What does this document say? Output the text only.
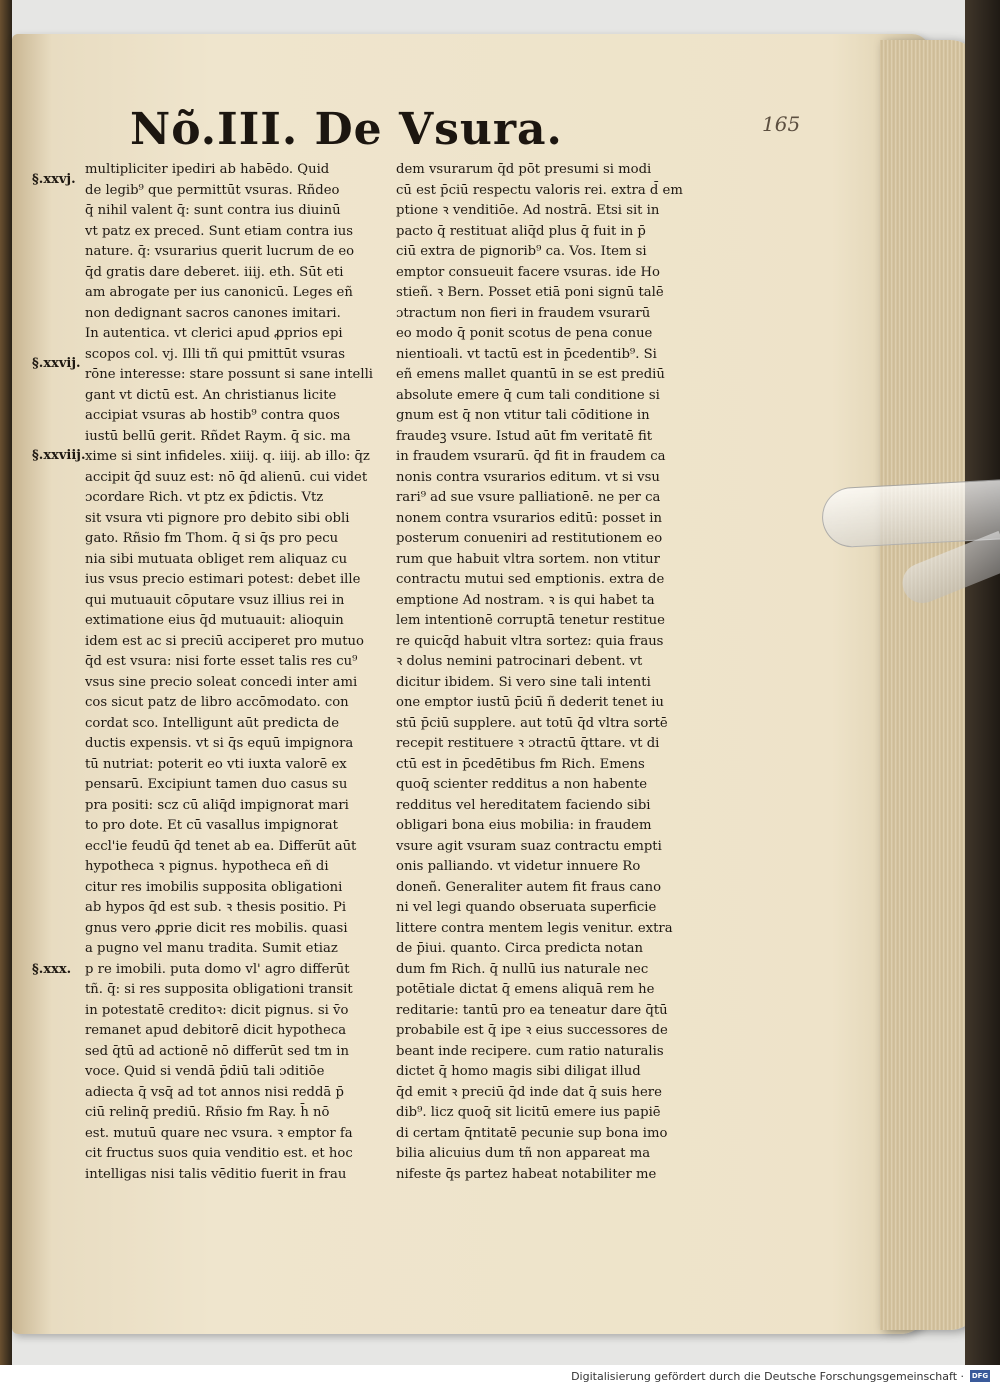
Nõ.III. De Vsura.	165
§.xxvj.
§.xxvij.
§.xxviij.
§.xxx.
multipliciter ipediri ab habēdo. Quid
de legib⁹ que permittūt vsuras. Rñdeo
q̄ nihil valent q̄: sunt contra ius diuinū
vt patz ex preced. Sunt etiam contra ius
nature. q̄: vsurarius querit lucrum de eo
q̄d gratis dare deberet. iiij. eth. Sūt eti
am abrogate per ius canonicū. Leges eñ
non dedignant sacros canones imitari.
In autentica. vt clerici apud ꝓprios epi
scopos col. vj. Illi tñ qui pmittūt vsuras
rōne interesse: stare possunt si sane intelli
gant vt dictū est. An christianus licite
accipiat vsuras ab hostib⁹ contra quos
iustū bellū gerit. Rñdet Raym. q̄ sic. ma
xime si sint infideles. xiiij. q. iiij. ab illo: q̄z
accipit q̄d suuz est: nō q̄d alienū. cui videt
ɔcordare Rich. vt ptz ex p̄dictis. Vtz
sit vsura vti pignore pro debito sibi obli
gato. Rñsio fm Thom. q̄ si q̄s pro pecu
nia sibi mutuata obliget rem aliquaz cu
ius vsus precio estimari potest: debet ille
qui mutuauit cōputare vsuz illius rei in
extimatione eius q̄d mutuauit: alioquin
idem est ac si preciū acciperet pro mutuo
q̄d est vsura: nisi forte esset talis res cu⁹
vsus sine precio soleat concedi inter ami
cos sicut patz de libro accōmodato. con
cordat sco. Intelligunt aūt predicta de
ductis expensis. vt si q̄s equū impignora
tū nutriat: poterit eo vti iuxta valorē ex
pensarū. Excipiunt tamen duo casus su
pra positi: scz cū aliq̄d impignorat mari
to pro dote. Et cū vasallus impignorat
eccl'ie feudū q̄d tenet ab ea. Differūt aūt
hypotheca ꝛ pignus. hypotheca eñ di
citur res imobilis supposita obligationi
ab hypos q̄d est sub. ꝛ thesis positio. Pi
gnus vero ꝓprie dicit res mobilis. quasi
a pugno vel manu tradita. Sumit etiaz
p re imobili. puta domo vl' agro differūt
tñ. q̄: si res supposita obligationi transit
in potestatē creditoꝛ: dicit pignus. si v̄o
remanet apud debitorē dicit hypotheca
sed q̄tū ad actionē nō differūt sed tm in
voce. Quid si vendā p̄diū tali ɔditiōe
adiecta q̄ vsq̄ ad tot annos nisi reddā p̄
ciū relinq̄ prediū. Rñsio fm Ray. h̄ nō
est. mutuū quare nec vsura. ꝛ emptor fa
cit fructus suos quia venditio est. et hoc
intelligas nisi talis vēditio fuerit in frau
dem vsurarum q̄d pōt presumi si modi
cū est p̄ciū respectu valoris rei. extra d̄ em
ptione ꝛ venditiōe. Ad nostrā. Etsi sit in
pacto q̄ restituat aliq̄d plus q̄ fuit in p̄
ciū extra de pignorib⁹ ca. Vos. Item si
emptor consueuit facere vsuras. ide Ho
stieñ. ꝛ Bern. Posset etiā poni signū talē
ɔtractum non fieri in fraudem vsurarū
eo modo q̄ ponit scotus de pena conue
nientioali. vt tactū est in p̄cedentib⁹. Si
eñ emens mallet quantū in se est prediū
absolute emere q̄ cum tali conditione si
gnum est q̄ non vtitur tali cōditione in
fraudeꝫ vsure. Istud aūt fm veritatē fit
in fraudem vsurarū. q̄d fit in fraudem ca
nonis contra vsurarios editum. vt si vsu
rari⁹ ad sue vsure palliationē. ne per ca
nonem contra vsurarios editū: posset in
posterum conueniri ad restitutionem eo
rum que habuit vltra sortem. non vtitur
contractu mutui sed emptionis. extra de
emptione Ad nostram. ꝛ is qui habet ta
lem intentionē corruptā tenetur restitue
re quicq̄d habuit vltra sortez: quia fraus
ꝛ dolus nemini patrocinari debent. vt
dicitur ibidem. Si vero sine tali intenti
one emptor iustū p̄ciū ñ dederit tenet iu
stū p̄ciū supplere. aut totū q̄d vltra sortē
recepit restituere ꝛ ɔtractū q̄ttare. vt di
ctū est in p̄cedētibus fm Rich. Emens
quoq̄ scienter redditus a non habente
redditus vel hereditatem faciendo sibi
obligari bona eius mobilia: in fraudem
vsure agit vsuram suaz contractu empti
onis palliando. vt videtur innuere Ro
doneñ. Generaliter autem fit fraus cano
ni vel legi quando obseruata superficie
littere contra mentem legis venitur. extra
de p̄iui. quanto. Circa predicta notan
dum fm Rich. q̄ nullū ius naturale nec
potētiale dictat q̄ emens aliquā rem he
reditarie: tantū pro ea teneatur dare q̄tū
probabile est q̄ ipe ꝛ eius successores de
beant inde recipere. cum ratio naturalis
dictet q̄ homo magis sibi diligat illud
q̄d emit ꝛ preciū q̄d inde dat q̄ suis here
dib⁹. licz quoq̄ sit licitū emere ius papiē
di certam q̄ntitatē pecunie sup bona imo
bilia alicuius dum tñ non appareat ma
nifeste q̄s partez habeat notabiliter me
Digitalisierung gefördert durch die Deutsche Forschungsgemeinschaft ·	DFG
